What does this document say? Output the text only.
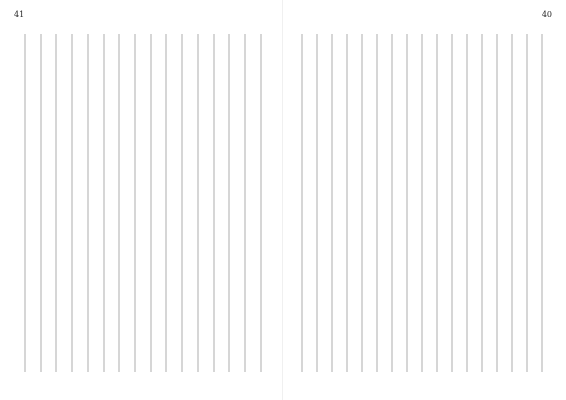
41	40
